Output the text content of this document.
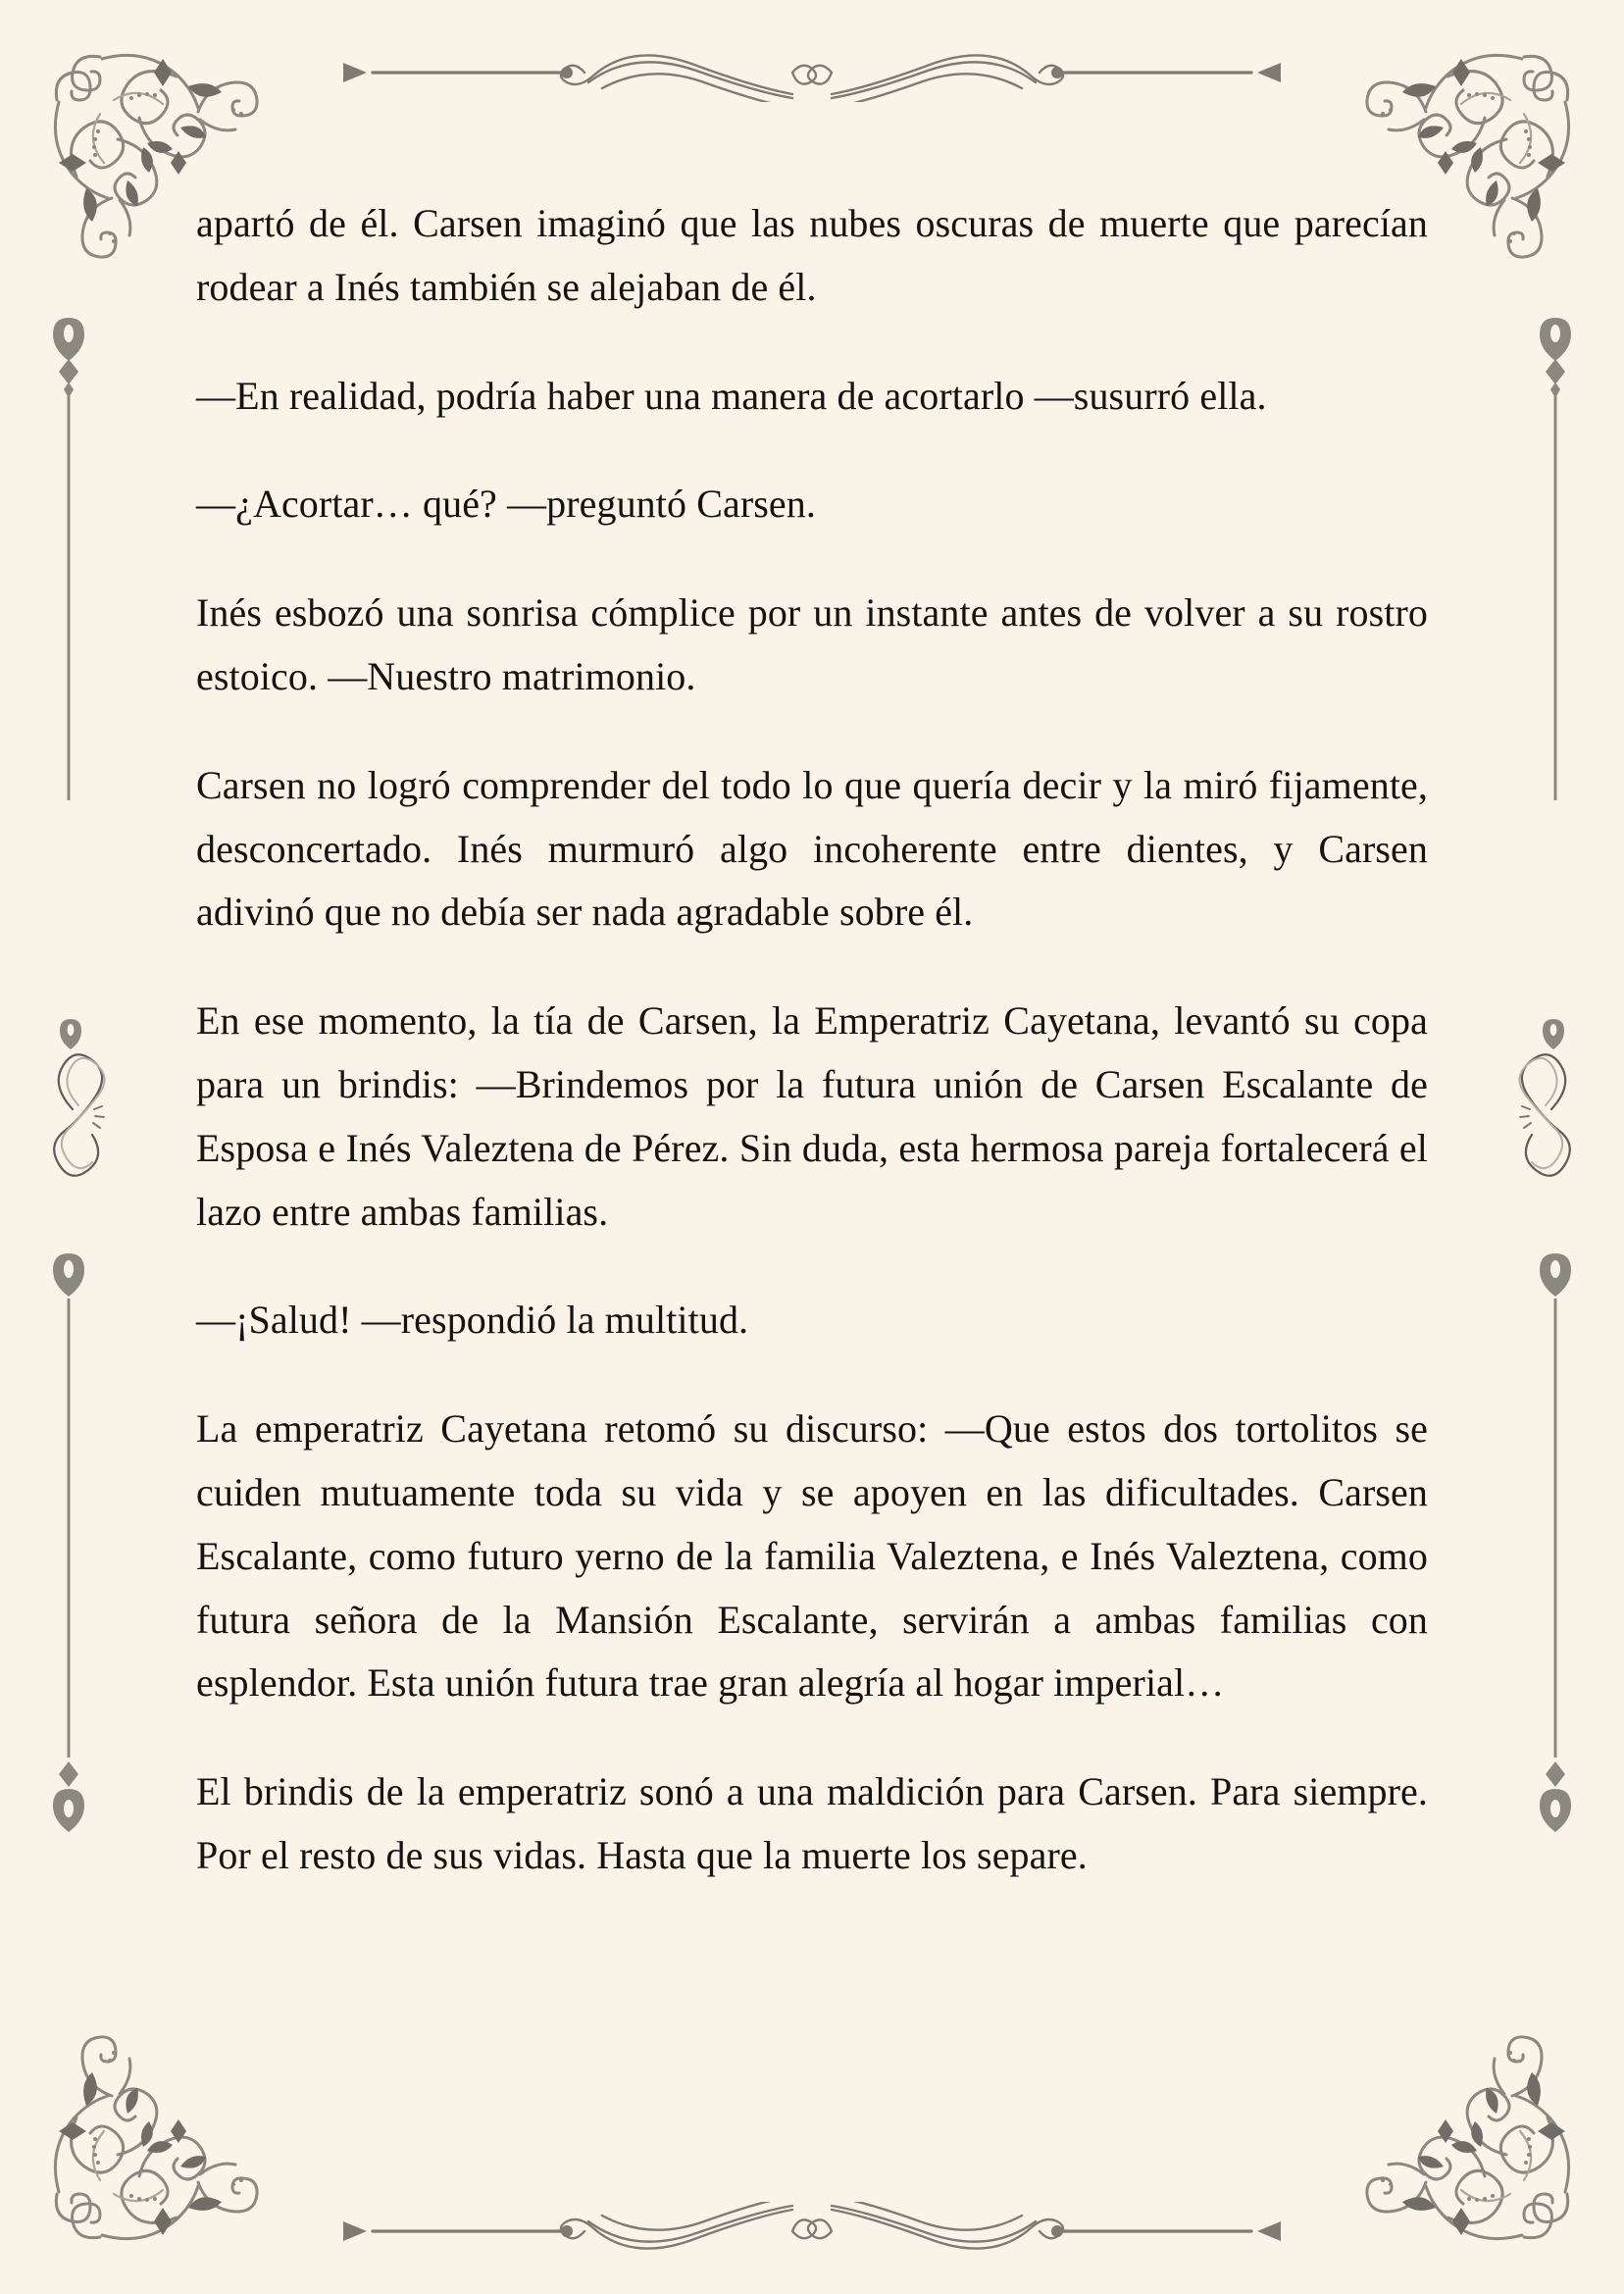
apartó de él. Carsen imaginó que las nubes oscuras de muerte que parecían rodear a Inés también se alejaban de él.

—En realidad, podría haber una manera de acortarlo —susurró ella.

—¿Acortar… qué? —preguntó Carsen.

Inés esbozó una sonrisa cómplice por un instante antes de volver a su rostro estoico. —Nuestro matrimonio.

Carsen no logró comprender del todo lo que quería decir y la miró fijamente, desconcertado. Inés murmuró algo incoherente entre dientes, y Carsen adivinó que no debía ser nada agradable sobre él.

En ese momento, la tía de Carsen, la Emperatriz Cayetana, levantó su copa para un brindis: —Brindemos por la futura unión de Carsen Escalante de Esposa e Inés Valeztena de Pérez. Sin duda, esta hermosa pareja fortalecerá el lazo entre ambas familias.

—¡Salud! —respondió la multitud.

La emperatriz Cayetana retomó su discurso: —Que estos dos tortolitos se cuiden mutuamente toda su vida y se apoyen en las dificultades. Carsen Escalante, como futuro yerno de la familia Valeztena, e Inés Valeztena, como futura señora de la Mansión Escalante, servirán a ambas familias con esplendor. Esta unión futura trae gran alegría al hogar imperial…

El brindis de la emperatriz sonó a una maldición para Carsen. Para siempre. Por el resto de sus vidas. Hasta que la muerte los separe.
